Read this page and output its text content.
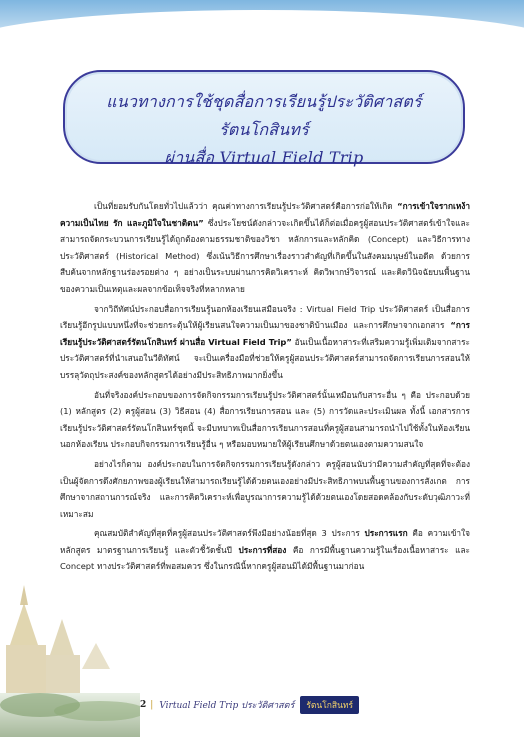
แนวทางการใช้ชุดสื่อการเรียนรู้ประวัติศาสตร์รัตนโกสินทร์
ผ่านสื่อ Virtual Field Trip

เป็นที่ยอมรับกันโดยทั่วไปแล้วว่า คุณค่าทางการเรียนรู้ประวัติศาสตร์คือการก่อให้เกิด “การเข้าใจรากเหง้าความเป็นไทย รัก และภูมิใจในชาติตน” ซึ่งประโยชน์ดังกล่าวจะเกิดขึ้นได้ก็ต่อเมื่อครูผู้สอนประวัติศาสตร์เข้าใจและสามารถจัดกระบวนการเรียนรู้ได้ถูกต้องตามธรรมชาติของวิชา หลักการและหลักคิด (Concept) และวิธีการทางประวัติศาสตร์ (Historical Method) ซึ่งเน้นวิธีการศึกษาเรื่องราวสำคัญที่เกิดขึ้นในสังคมมนุษย์ในอดีต ด้วยการสืบค้นจากหลักฐานร่องรอยต่าง ๆ อย่างเป็นระบบผ่านการคิดวิเคราะห์ คิดวิพากษ์วิจารณ์ และคิดวินิจฉัยบนพื้นฐานของความเป็นเหตุและผลจากข้อเท็จจริงที่หลากหลาย

จากวิถีทัศน์ประกอบสื่อการเรียนรู้นอกห้องเรียนเสมือนจริง : Virtual Field Trip ประวัติศาสตร์ เป็นสื่อการเรียนรู้อีกรูปแบบหนึ่งที่จะช่วยกระตุ้นให้ผู้เรียนสนใจความเป็นมาของชาติบ้านเมือง และการศึกษาจากเอกสาร “การเรียนรู้ประวัติศาสตร์รัตนโกสินทร์ ผ่านสื่อ Virtual Field Trip” อันเป็นเนื้อหาสาระที่เสริมความรู้เพิ่มเติมจากสาระประวัติศาสตร์ที่นำเสนอในวีดิทัศน์ จะเป็นเครื่องมือที่ช่วยให้ครูผู้สอนประวัติศาสตร์สามารถจัดการเรียนการสอนให้บรรลุวัตถุประสงค์ของหลักสูตรได้อย่างมีประสิทธิภาพมากยิ่งขึ้น

อันที่จริงองค์ประกอบของการจัดกิจกรรมการเรียนรู้ประวัติศาสตร์นั้นเหมือนกับสาระอื่น ๆ คือ ประกอบด้วย (1) หลักสูตร (2) ครูผู้สอน (3) วิธีสอน (4) สื่อการเรียนการสอน และ (5) การวัดและประเมินผล ทั้งนี้ เอกสารการเรียนรู้ประวัติศาสตร์รัตนโกสินทร์ชุดนี้ จะมีบทบาทเป็นสื่อการเรียนการสอนที่ครูผู้สอนสามารถนำไปใช้ทั้งในห้องเรียน นอกห้องเรียน ประกอบกิจกรรมการเรียนรู้อื่น ๆ หรือมอบหมายให้ผู้เรียนศึกษาด้วยตนเองตามความสนใจ

อย่างไรก็ตาม องค์ประกอบในการจัดกิจกรรมการเรียนรู้ดังกล่าว ครูผู้สอนนับว่ามีความสำคัญที่สุดที่จะต้องเป็นผู้จัดการดึงศักยภาพของผู้เรียนให้สามารถเรียนรู้ได้ด้วยตนเองอย่างมีประสิทธิภาพบนพื้นฐานของการสังเกต การศึกษาจากสถานการณ์จริง และการคิดวิเคราะห์เพื่อบูรณาการความรู้ได้ด้วยตนเองโดยสอดคล้องกับระดับวุฒิภาวะที่เหมาะสม

คุณสมบัติสำคัญที่สุดที่ครูผู้สอนประวัติศาสตร์พึงมีอย่างน้อยที่สุด 3 ประการ ประการแรก คือ ความเข้าใจหลักสูตร มาตรฐานการเรียนรู้ และตัวชี้วัดชั้นปี ประการที่สอง คือ การมีพื้นฐานความรู้ในเรื่องเนื้อหาสาระ และ Concept ทางประวัติศาสตร์ที่พอสมควร ซึ่งในกรณีนี้หากครูผู้สอนมิได้มีพื้นฐานมาก่อน

2 | Virtual Field Trip ประวัติศาสตร์	รัตนโกสินทร์
